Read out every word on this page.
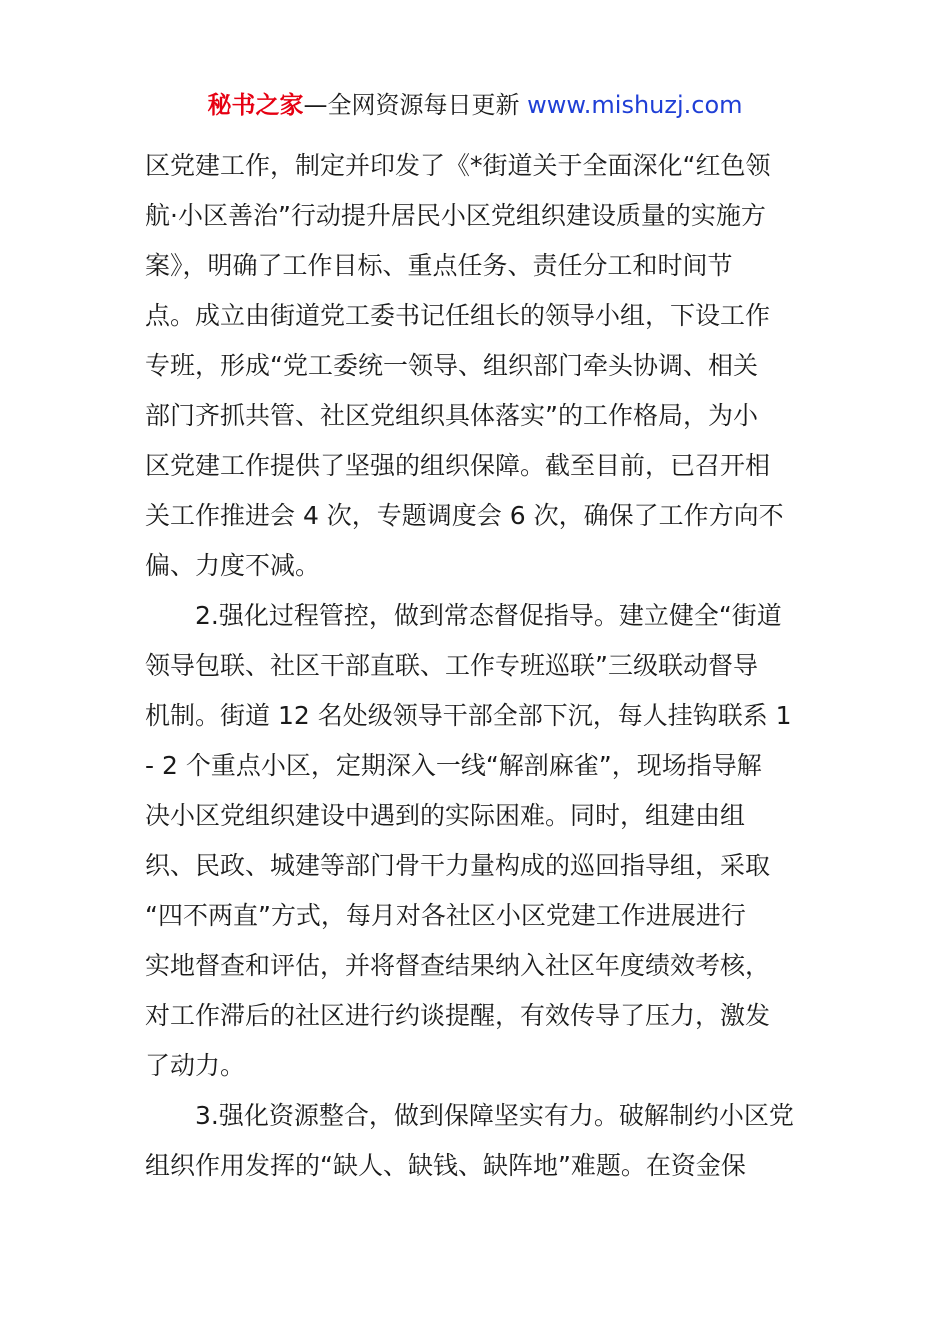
秘书之家—全网资源每日更新 www.mishuzj.com
区党建工作，制定并印发了《*街道关于全面深化“红色领
航·小区善治”行动提升居民小区党组织建设质量的实施方
案》，明确了工作目标、重点任务、责任分工和时间节
点。成立由街道党工委书记任组长的领导小组，下设工作
专班，形成“党工委统一领导、组织部门牵头协调、相关
部门齐抓共管、社区党组织具体落实”的工作格局，为小
区党建工作提供了坚强的组织保障。截至目前，已召开相
关工作推进会 4 次，专题调度会 6 次，确保了工作方向不
偏、力度不减。
　　2.强化过程管控，做到常态督促指导。建立健全“街道
领导包联、社区干部直联、工作专班巡联”三级联动督导
机制。街道 12 名处级领导干部全部下沉，每人挂钩联系 1
- 2 个重点小区，定期深入一线“解剖麻雀”，现场指导解
决小区党组织建设中遇到的实际困难。同时，组建由组
织、民政、城建等部门骨干力量构成的巡回指导组，采取
“四不两直”方式，每月对各社区小区党建工作进展进行
实地督查和评估，并将督查结果纳入社区年度绩效考核，
对工作滞后的社区进行约谈提醒，有效传导了压力，激发
了动力。
　　3.强化资源整合，做到保障坚实有力。破解制约小区党
组织作用发挥的“缺人、缺钱、缺阵地”难题。在资金保
